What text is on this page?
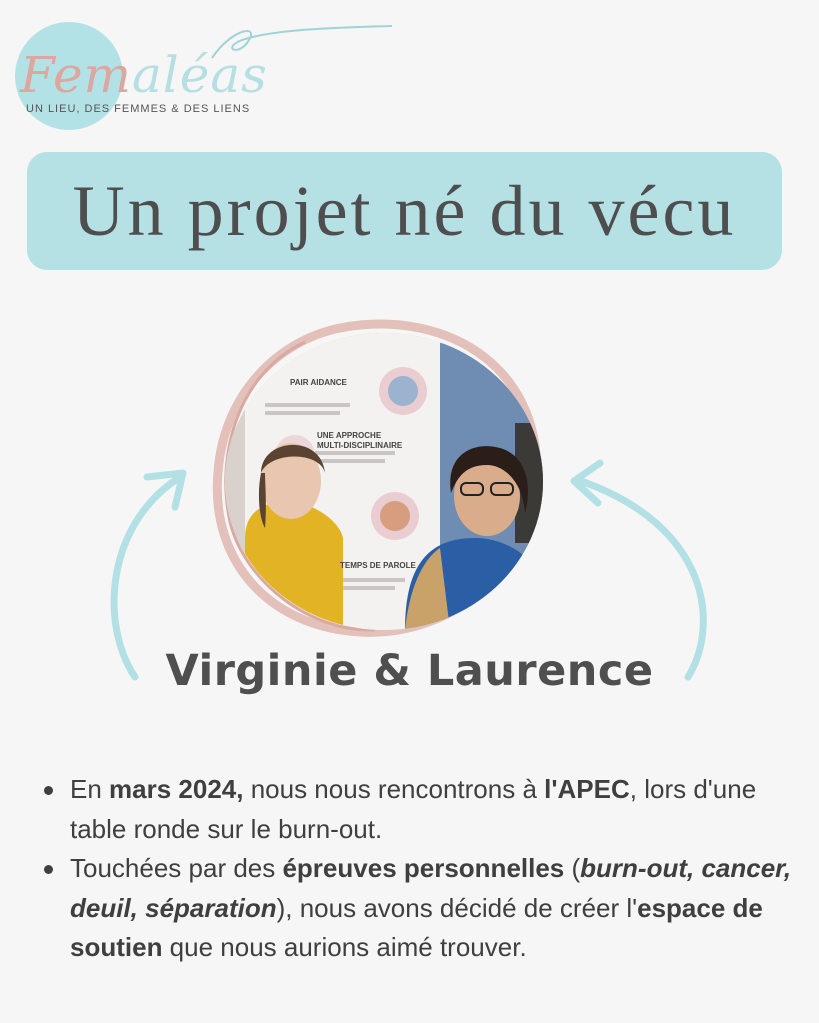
Femaléas
UN LIEU, DES FEMMES & DES LIENS
Un projet né du vécu
PAIR AIDANCE
UNE APPROCHE
MULTI-DISCIPLINAIRE
TEMPS DE PAROLE
Virginie & Laurence
En mars 2024, nous nous rencontrons à l'APEC, lors d'une table ronde sur le burn-out.
Touchées par des épreuves personnelles (burn-out, cancer, deuil, séparation), nous avons décidé de créer l'espace de soutien que nous aurions aimé trouver.
